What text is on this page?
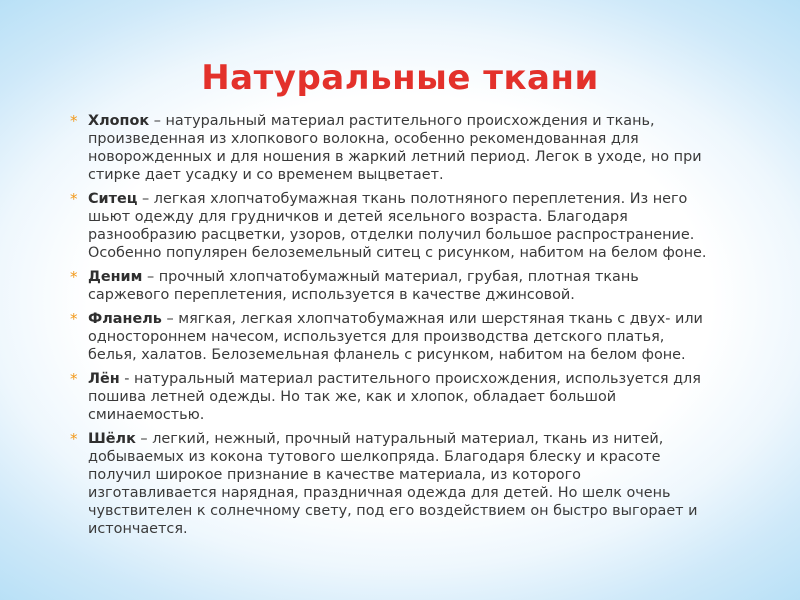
Натуральные ткани
* Хлопок – натуральный материал растительного происхождения и ткань, произведенная из хлопкового волокна, особенно рекомендованная для новорожденных и для ношения в жаркий летний период. Легок в уходе, но при стирке дает усадку и со временем выцветает.
* Ситец – легкая хлопчатобумажная ткань полотняного переплетения. Из него шьют одежду для грудничков и детей ясельного возраста. Благодаря разнообразию расцветки, узоров, отделки получил большое распространение. Особенно популярен белоземельный ситец с рисунком, набитом на белом фоне.
* Деним – прочный хлопчатобумажный материал, грубая, плотная ткань саржевого переплетения, используется в качестве джинсовой.
* Фланель – мягкая, легкая хлопчатобумажная или шерстяная ткань с двух- или одностороннем начесом, используется для производства детского платья, белья, халатов. Белоземельная фланель с рисунком, набитом на белом фоне.
* Лён - натуральный материал растительного происхождения, используется для пошива летней одежды. Но так же, как и хлопок, обладает большой сминаемостью.
* Шёлк – легкий, нежный, прочный натуральный материал, ткань из нитей, добываемых из кокона тутового шелкопряда. Благодаря блеску и красоте получил широкое признание в качестве материала, из которого изготавливается нарядная, праздничная одежда для детей. Но шелк очень чувствителен к солнечному свету, под его воздействием он быстро выгорает и истончается.
